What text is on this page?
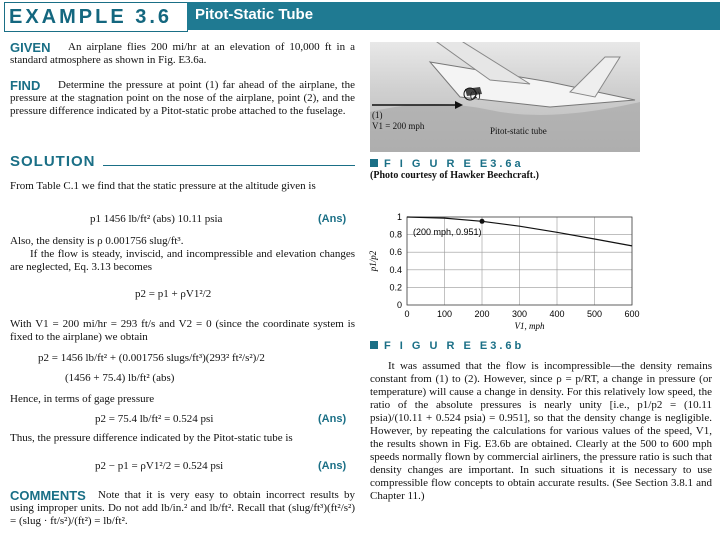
EXAMPLE 3.6 Pitot-Static Tube
GIVEN	An airplane flies 200 mi/hr at an elevation of 10,000 ft in a standard atmosphere as shown in Fig. E3.6a.
FIND	Determine the pressure at point (1) far ahead of the airplane, the pressure at the stagnation point on the nose of the airplane, point (2), and the pressure difference indicated by a Pitot-static probe attached to the fuselage.
SOLUTION
From Table C.1 we find that the static pressure at the altitude given is
p1 1456 lb/ft² (abs) 10.11 psia	(Ans)
Also, the density is ρ 0.001756 slug/ft³.
If the flow is steady, inviscid, and incompressible and elevation changes are neglected, Eq. 3.13 becomes
p2 = p1 + ρV1²/2
With V1 = 200 mi/hr = 293 ft/s and V2 = 0 (since the coordinate system is fixed to the airplane) we obtain
p2 = 1456 lb/ft² + (0.001756 slugs/ft³)(293² ft²/s²)/2
(1456 + 75.4) lb/ft² (abs)
Hence, in terms of gage pressure
p2 = 75.4 lb/ft² = 0.524 psi	(Ans)
Thus, the pressure difference indicated by the Pitot-static tube is
p2 − p1 = ρV1²/2 = 0.524 psi	(Ans)
COMMENTS	Note that it is very easy to obtain incorrect results by using improper units. Do not add lb/in.² and lb/ft². Recall that (slug/ft³)(ft²/s²) = (slug · ft/s²)/(ft²) = lb/ft².
(2)
(1)
V1 = 200 mph	Pitot-static tube
F I G U R E E3.6a
(Photo courtesy of Hawker Beechcraft.)
0	100 200 300 400 500 600
0
0.2
0.4
0.6
0.8
1
(200 mph, 0.951)
V1, mph
p1/p2
F I G U R E E3.6b
It was assumed that the flow is incompressible—the density remains constant from (1) to (2). However, since ρ = p/RT, a change in pressure (or temperature) will cause a change in density. For this relatively low speed, the ratio of the absolute pressures is nearly unity [i.e., p1/p2 = (10.11 psia)/(10.11 + 0.524 psia) = 0.951], so that the density change is negligible. However, by repeating the calculations for various values of the speed, V1, the results shown in Fig. E3.6b are obtained. Clearly at the 500 to 600 mph speeds normally flown by commercial airliners, the pressure ratio is such that density changes are important. In such situations it is necessary to use compressible flow concepts to obtain accurate results. (See Section 3.8.1 and Chapter 11.)
